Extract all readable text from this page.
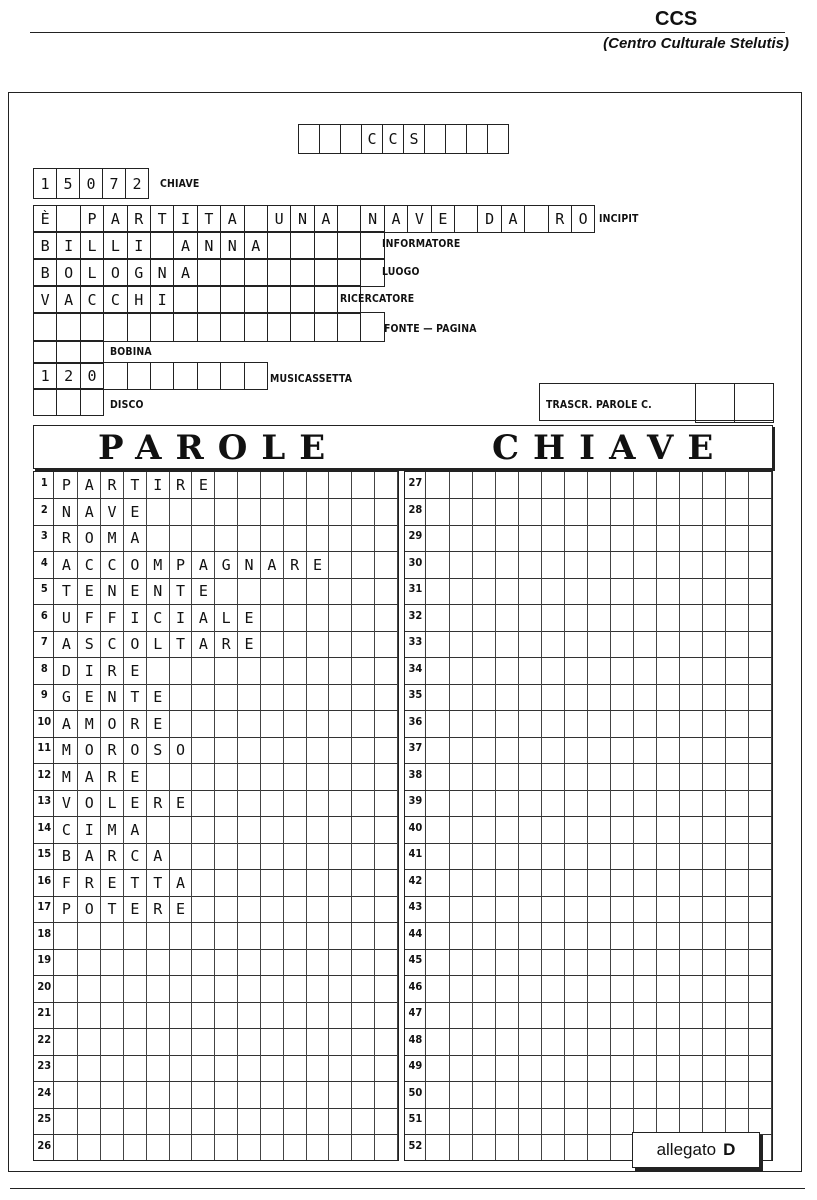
CCS
(Centro Culturale Stelutis)
C C S
1 5 0 7 2	CHIAVE
È	P A R T I T A	U N A	N A V E	D A	R O	INCIPIT
B I L L I	A N N A	INFORMATORE
B O L O G N A	LUOGO
V A C C H I	RICERCATORE
FONTE — PAGINA
BOBINA
1 2 0	MUSICASSETTA
DISCO	TRASCR. PAROLE C.
PAROLE	CHIAVE
1 P A R T I R E
2 N A V E
3 R O M A
4 A C C O M P A G N A R E
5 T E N E N T E
6 U F F I C I A L E
7 A S C O L T A R E
8 D I R E
9 G E N T E
10 A M O R E
11 M O R O S O
12 M A R E
13 V O L E R E
14 C I M A
15 B A R C A
16 F R E T T A
17 P O T E R E
18
19
20
21
22
23
24
25
26
27
28
29
30
31
32
33
34
35
36
37
38
39
40
41
42
43
44
45
46
47
48
49
50
51
52	allegato D
